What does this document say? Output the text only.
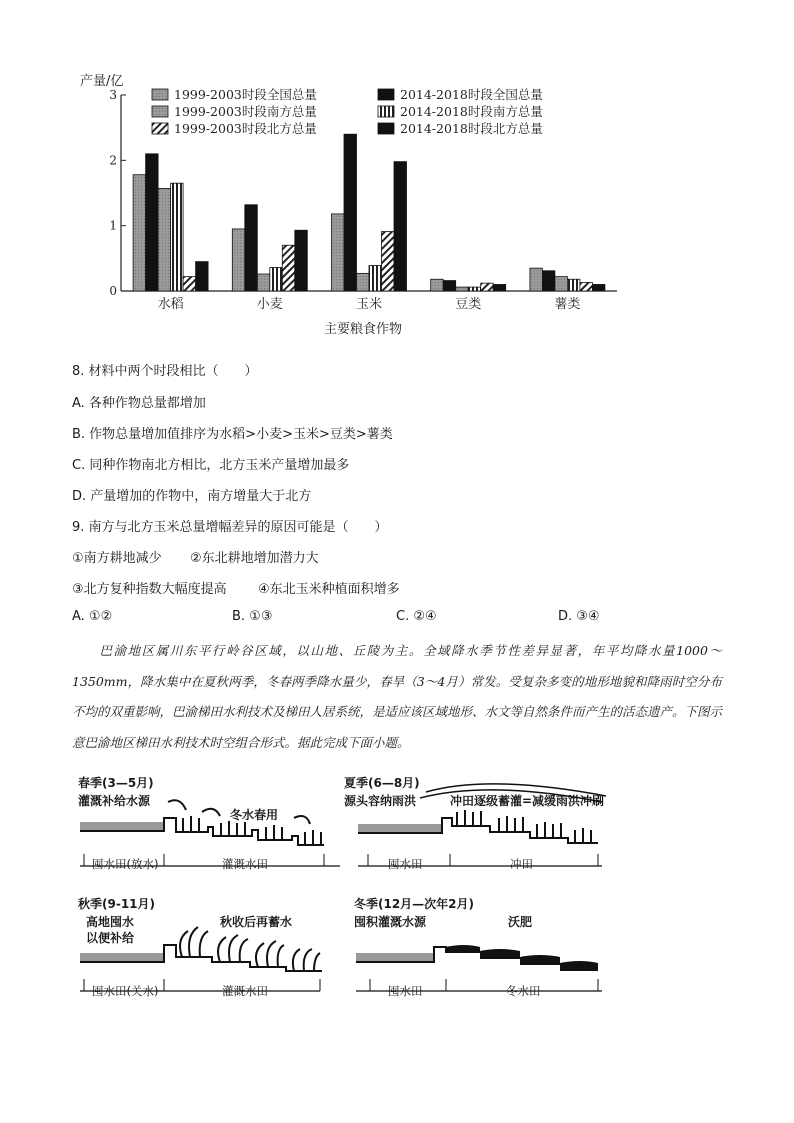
产量/亿
0
1
2
3
水稻	小麦	玉米	豆类	薯类
1999-2003时段全国总量
1999-2003时段南方总量
1999-2003时段北方总量
2014-2018时段全国总量
2014-2018时段南方总量
2014-2018时段北方总量
主要粮食作物
8. 材料中两个时段相比（　　）
A. 各种作物总量都增加
B. 作物总量增加值排序为水稻>小麦>玉米>豆类>薯类
C. 同种作物南北方相比，北方玉米产量增加最多
D. 产量增加的作物中，南方增量大于北方
9. 南方与北方玉米总量增幅差异的原因可能是（　　）
①南方耕地减少 ②东北耕地增加潜力大
③北方复种指数大幅度提高 ④东北玉米种植面积增多
A. ①②	B. ①③	C. ②④	D. ③④
巴渝地区属川东平行岭谷区域，以山地、丘陵为主。全域降水季节性差异显著，年平均降水量1000～1350mm，降水集中在夏秋两季，冬春两季降水量少，春旱（3～4月）常发。受复杂多变的地形地貌和降雨时空分布不均的双重影响，巴渝梯田水利技术及梯田人居系统，是适应该区域地形、水文等自然条件而产生的活态遗产。下图示意巴渝地区梯田水利技术时空组合形式。据此完成下面小题。
春季(3—5月)
灌溉补给水源
冬水春用
囤水田(放水)	灌溉水田
夏季(6—8月)
源头容纳雨洪	冲田逐级蓄灌=减缓雨洪冲刷
囤水田	冲田
秋季(9-11月)
高地囤水
以便补给
秋收后再蓄水
囤水田(关水)	灌溉水田
冬季(12月—次年2月)
囤积灌溉水源	沃肥
囤水田	冬水田
